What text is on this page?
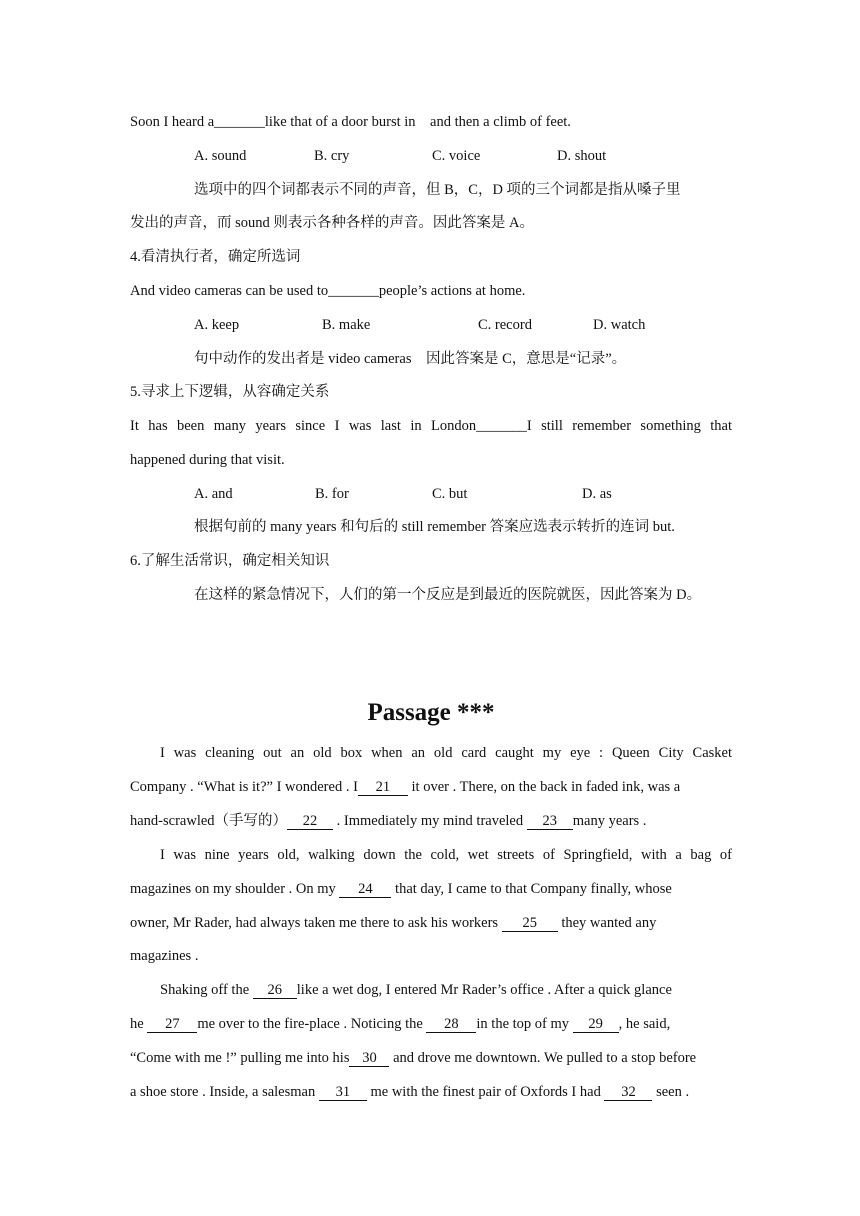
Soon I heard a_______like that of a door burst in    and then a climb of feet.
A. sound	B. cry	C. voice	D. shout
选项中的四个词都表示不同的声音，但 B，C，D 项的三个词都是指从嗓子里
发出的声音，而 sound 则表示各种各样的声音。因此答案是 A。
4.看清执行者，确定所选词
And video cameras can be used to_______people’s actions at home.
A. keep	B. make	C. record	D. watch
句中动作的发出者是 video cameras    因此答案是 C，意思是“记录”。
5.寻求上下逻辑，从容确定关系
It has been many years since I was last in London_______I still remember something that
happened during that visit.
A. and	B. for	C. but	D. as
根据句前的 many years 和句后的 still remember 答案应选表示转折的连词 but.
6.了解生活常识，确定相关知识
在这样的紧急情况下，人们的第一个反应是到最近的医院就医，因此答案为 D。
Passage ***
I was cleaning out an old box when an old card caught my eye : Queen City Casket
Company . “What is it?” I wondered . I 21 it over . There, on the back in faded ink, was a
hand-scrawled（手写的） 22 . Immediately my mind traveled 23 many years .
I was nine years old, walking down the cold, wet streets of Springfield, with a bag of
magazines on my shoulder . On my 24 that day, I came to that Company finally, whose
owner, Mr Rader, had always taken me there to ask his workers 25 they wanted any
magazines .
Shaking off the 26 like a wet dog, I entered Mr Rader’s office . After a quick glance
he 27 me over to the fire-place . Noticing the 28 in the top of my 29 , he said,
“Come with me !” pulling me into his 30 and drove me downtown. We pulled to a stop before
a shoe store . Inside, a salesman 31 me with the finest pair of Oxfords I had 32 seen .
